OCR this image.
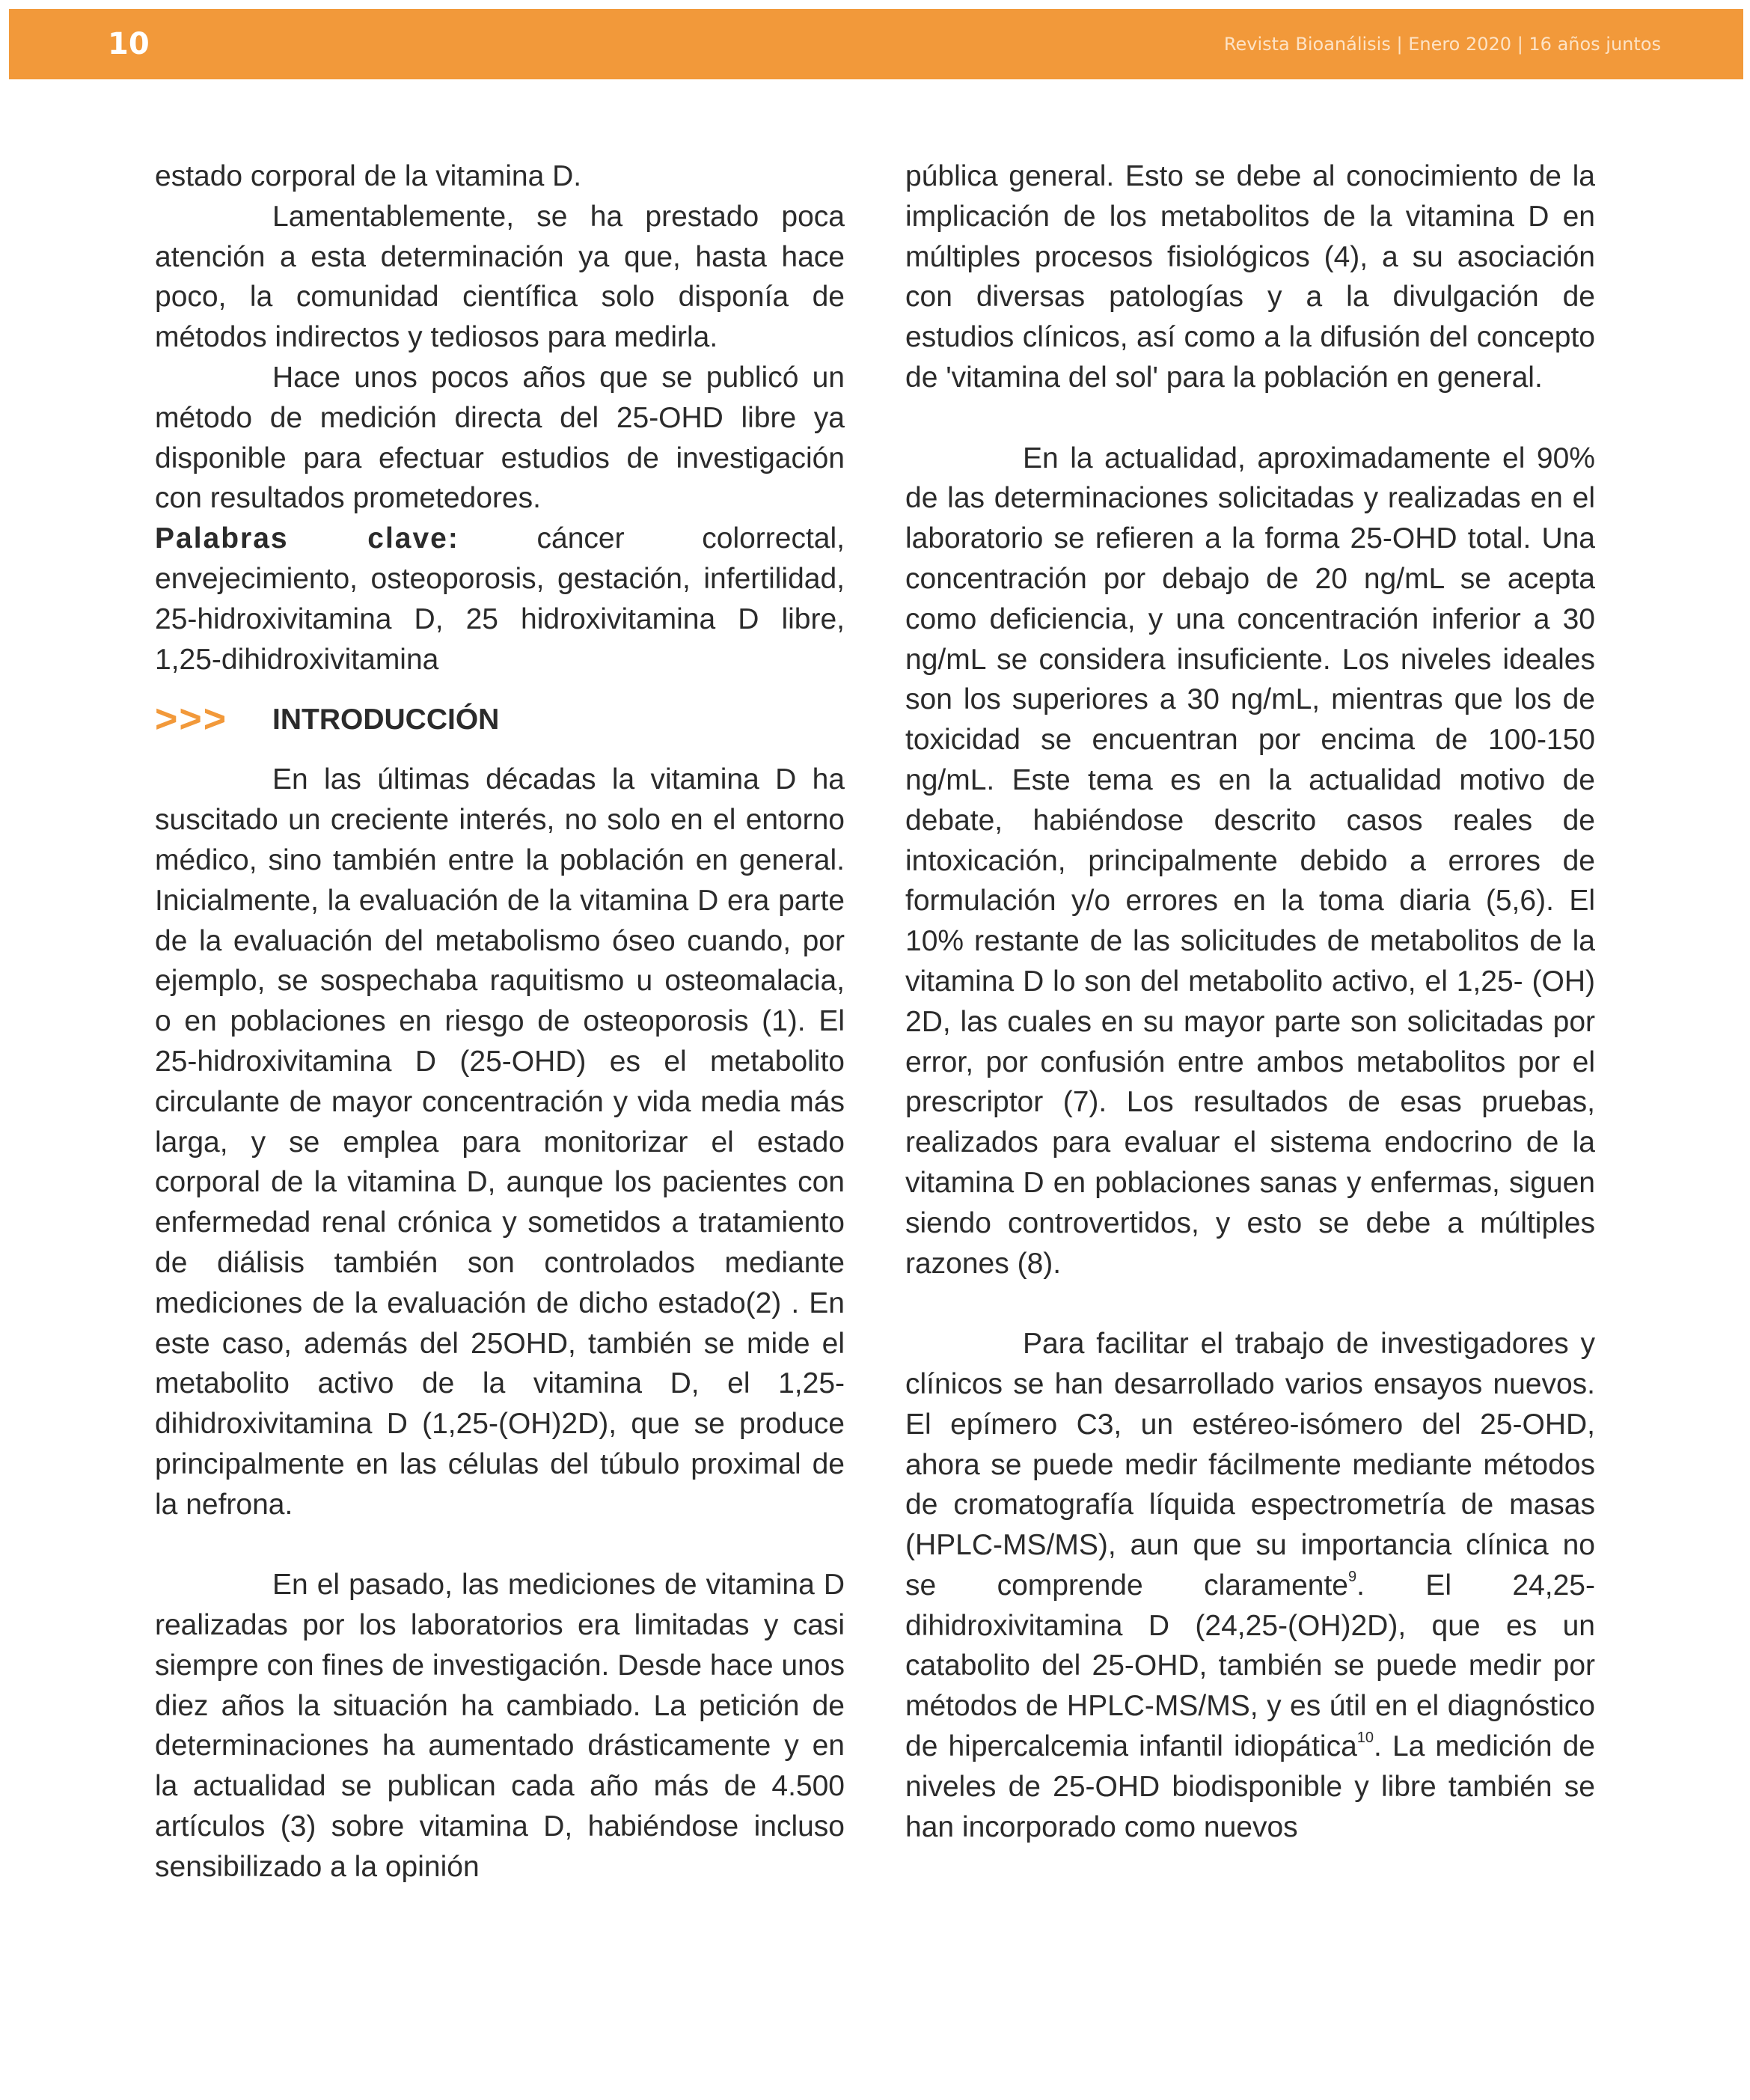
10	Revista Bioanálisis | Enero 2020 | 16 años juntos

estado corporal de la vitamina D.

Lamentablemente, se ha prestado poca atención a esta determinación ya que, hasta hace poco, la comunidad científica solo disponía de métodos indirectos y tediosos para medirla.

Hace unos pocos años que se publicó un método de medición directa del 25-OHD libre ya disponible para efectuar estudios de investigación con resultados prometedores.

Palabras clave: cáncer colorrectal, envejecimiento, osteoporosis, gestación, infertilidad, 25-hidroxivitamina D, 25 hidroxivitamina D libre, 1,25-dihidroxivitamina

>>>	INTRODUCCIÓN

En las últimas décadas la vitamina D ha suscitado un creciente interés, no solo en el entorno médico, sino también entre la población en general. Inicialmente, la evaluación de la vitamina D era parte de la evaluación del metabolismo óseo cuando, por ejemplo, se sospechaba raquitismo u osteomalacia, o en poblaciones en riesgo de osteoporosis (1). El 25-hidroxivitamina D (25-OHD) es el metabolito circulante de mayor concentración y vida media más larga, y se emplea para monitorizar el estado corporal de la vitamina D, aunque los pacientes con enfermedad renal crónica y sometidos a tratamiento de diálisis también son controlados mediante mediciones de la evaluación de dicho estado(2) . En este caso, además del 25OHD, también se mide el metabolito activo de la vitamina D, el 1,25-dihidroxivitamina D (1,25-(OH)2D), que se produce principalmente en las células del túbulo proximal de la nefrona.

En el pasado, las mediciones de vitamina D realizadas por los laboratorios era limitadas y casi siempre con fines de investigación. Desde hace unos diez años la situación ha cambiado. La petición de determinaciones ha aumentado drásticamente y en la actualidad se publican cada año más de 4.500 artículos (3) sobre vitamina D, habiéndose incluso sensibilizado a la opinión

pública general. Esto se debe al conocimiento de la implicación de los metabolitos de la vitamina D en múltiples procesos fisiológicos (4), a su asociación con diversas patologías y a la divulgación de estudios clínicos, así como a la difusión del concepto de 'vitamina del sol' para la población en general.

En la actualidad, aproximadamente el 90% de las determinaciones solicitadas y realizadas en el laboratorio se refieren a la forma 25-OHD total. Una concentración por debajo de 20 ng/mL se acepta como deficiencia, y una concentración inferior a 30 ng/mL se considera insuficiente. Los niveles ideales son los superiores a 30 ng/mL, mientras que los de toxicidad se encuentran por encima de 100-150 ng/mL. Este tema es en la actualidad motivo de debate, habiéndose descrito casos reales de intoxicación, principalmente debido a errores de formulación y/o errores en la toma diaria (5,6). El 10% restante de las solicitudes de metabolitos de la vitamina D lo son del metabolito activo, el 1,25- (OH) 2D, las cuales en su mayor parte son solicitadas por error, por confusión entre ambos metabolitos por el prescriptor (7). Los resultados de esas pruebas, realizados para evaluar el sistema endocrino de la vitamina D en poblaciones sanas y enfermas, siguen siendo controvertidos, y esto se debe a múltiples razones (8).

Para facilitar el trabajo de investigadores y clínicos se han desarrollado varios ensayos nuevos. El epímero C3, un estéreo-isómero del 25-OHD, ahora se puede medir fácilmente mediante métodos de cromatografía líquida espectrometría de masas (HPLC-MS/MS), aun que su importancia clínica no se comprende claramente$^9$. El 24,25-dihidroxivitamina D (24,25-(OH)2D), que es un catabolito del 25-OHD, también se puede medir por métodos de HPLC-MS/MS, y es útil en el diagnóstico de hipercalcemia infantil idiopática$^{10}$. La medición de niveles de 25-OHD biodisponible y libre también se han incorporado como nuevos
